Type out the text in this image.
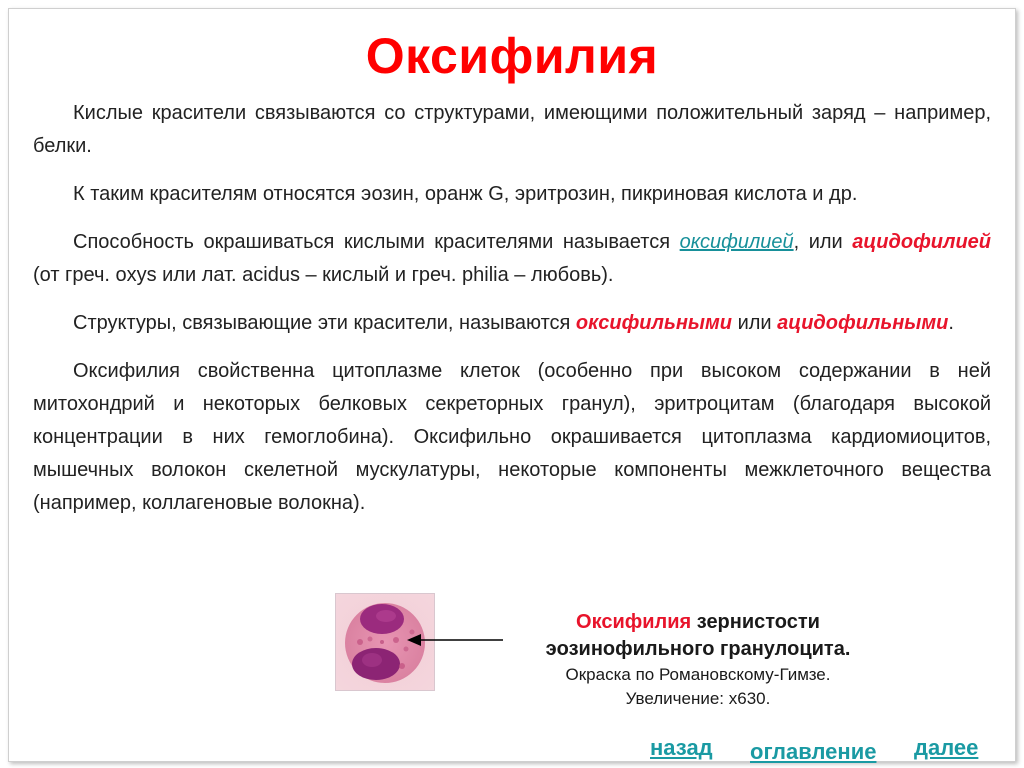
Оксифилия

Кислые красители связываются со структурами, имеющими положительный заряд – например, белки.

К таким красителям относятся эозин, оранж G, эритрозин, пикриновая кислота и др.

Способность окрашиваться кислыми красителями называется оксифилией, или ацидофилией (от греч. oxys или лат. acidus – кислый и греч. philia – любовь).

Структуры, связывающие эти красители, называются оксифильными или ацидофильными.

Оксифилия свойственна цитоплазме клеток (особенно при высоком содержании в ней митохондрий и некоторых белковых секреторных гранул), эритроцитам (благодаря высокой концентрации в них гемоглобина). Оксифильно окрашивается цитоплазма кардиомиоцитов, мышечных волокон скелетной мускулатуры, некоторые компоненты межклеточного вещества (например, коллагеновые волокна).

Оксифилия зернистости
эозинофильного гранулоцита.
Окраска по Романовскому-Гимзе.
Увеличение: х630.
назад оглавление далее
